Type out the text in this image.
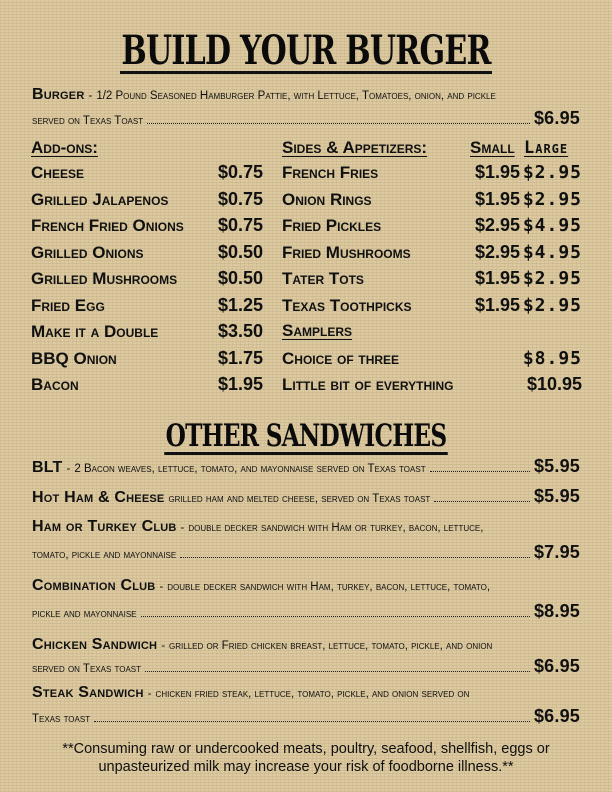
BUILD YOUR BURGER
Burger - 1/2 Pound Seasoned Hamburger Pattie, with Lettuce, Tomatoes, onion, and pickle
served on Texas Toast	$6.95
Add-ons:
Cheese	$0.75
Grilled Jalapenos	$0.75
French Fried Onions	$0.75
Grilled Onions	$0.50
Grilled Mushrooms	$0.50
Fried Egg	$1.25
Make it a Double	$3.50
BBQ Onion	$1.75
Bacon	$1.95
Sides & Appetizers:	Small Large
French Fries	$1.95 $2.95
Onion Rings	$1.95 $2.95
Fried Pickles	$2.95 $4.95
Fried Mushrooms	$2.95 $4.95
Tater Tots	$1.95 $2.95
Texas Toothpicks	$1.95 $2.95
Samplers
Choice of three	$8.95
Little bit of everything	$10.95
OTHER SANDWICHES
BLT - 2 Bacon weaves, lettuce, tomato, and mayonnaise served on Texas toast	$5.95
Hot Ham & Cheese grilled ham and melted cheese, served on Texas toast	$5.95
Ham or Turkey Club - double decker sandwich with Ham or turkey, bacon, lettuce,
tomato, pickle and mayonnaise	$7.95
Combination Club - double decker sandwich with Ham, turkey, bacon, lettuce, tomato,
pickle and mayonnaise	$8.95
Chicken Sandwich - grilled or Fried chicken breast, lettuce, tomato, pickle, and onion
served on Texas toast	$6.95
Steak Sandwich - chicken fried steak, lettuce, tomato, pickle, and onion served on
Texas toast	$6.95
**Consuming raw or undercooked meats, poultry, seafood, shellfish, eggs or
unpasteurized milk may increase your risk of foodborne illness.**
